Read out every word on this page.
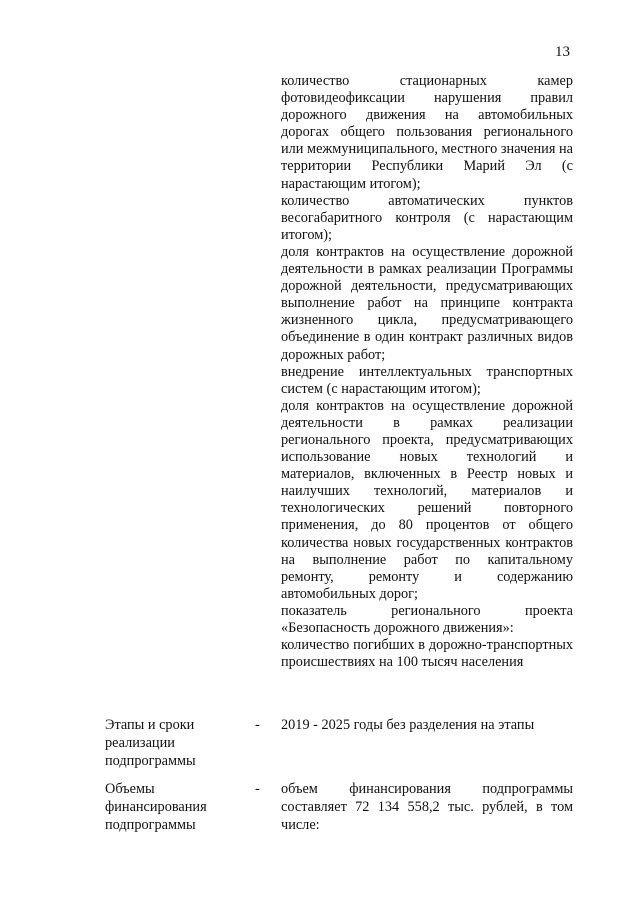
13

количество стационарных камер фотовидеофиксации нарушения правил дорожного движения на автомобильных дорогах общего пользования регионального или межмуниципального, местного значения на территории Республики Марий Эл (с нарастающим итогом);

количество автоматических пунктов весогабаритного контроля (с нарастающим итогом);

доля контрактов на осуществление дорожной деятельности в рамках реализации Программы дорожной деятельности, предусматривающих выполнение работ на принципе контракта жизненного цикла, предусматривающего объединение в один контракт различных видов дорожных работ;

внедрение интеллектуальных транспортных систем (с нарастающим итогом);

доля контрактов на осуществление дорожной деятельности в рамках реализации регионального проекта, предусматривающих использование новых технологий и материалов, включенных в Реестр новых и наилучших технологий, материалов и технологических решений повторного применения, до 80 процентов от общего количества новых государственных контрактов на выполнение работ по капитальному ремонту, ремонту и содержанию автомобильных дорог;

показатель регионального проекта «Безопасность дорожного движения»:

количество погибших в дорожно-транспортных происшествиях на 100 тысяч населения

Этапы и сроки реализации подпрограммы
- 2019 - 2025 годы без разделения на этапы
Объемы финансирования подпрограммы
- объем финансирования подпрограммы составляет 72 134 558,2 тыс. рублей, в том числе:
